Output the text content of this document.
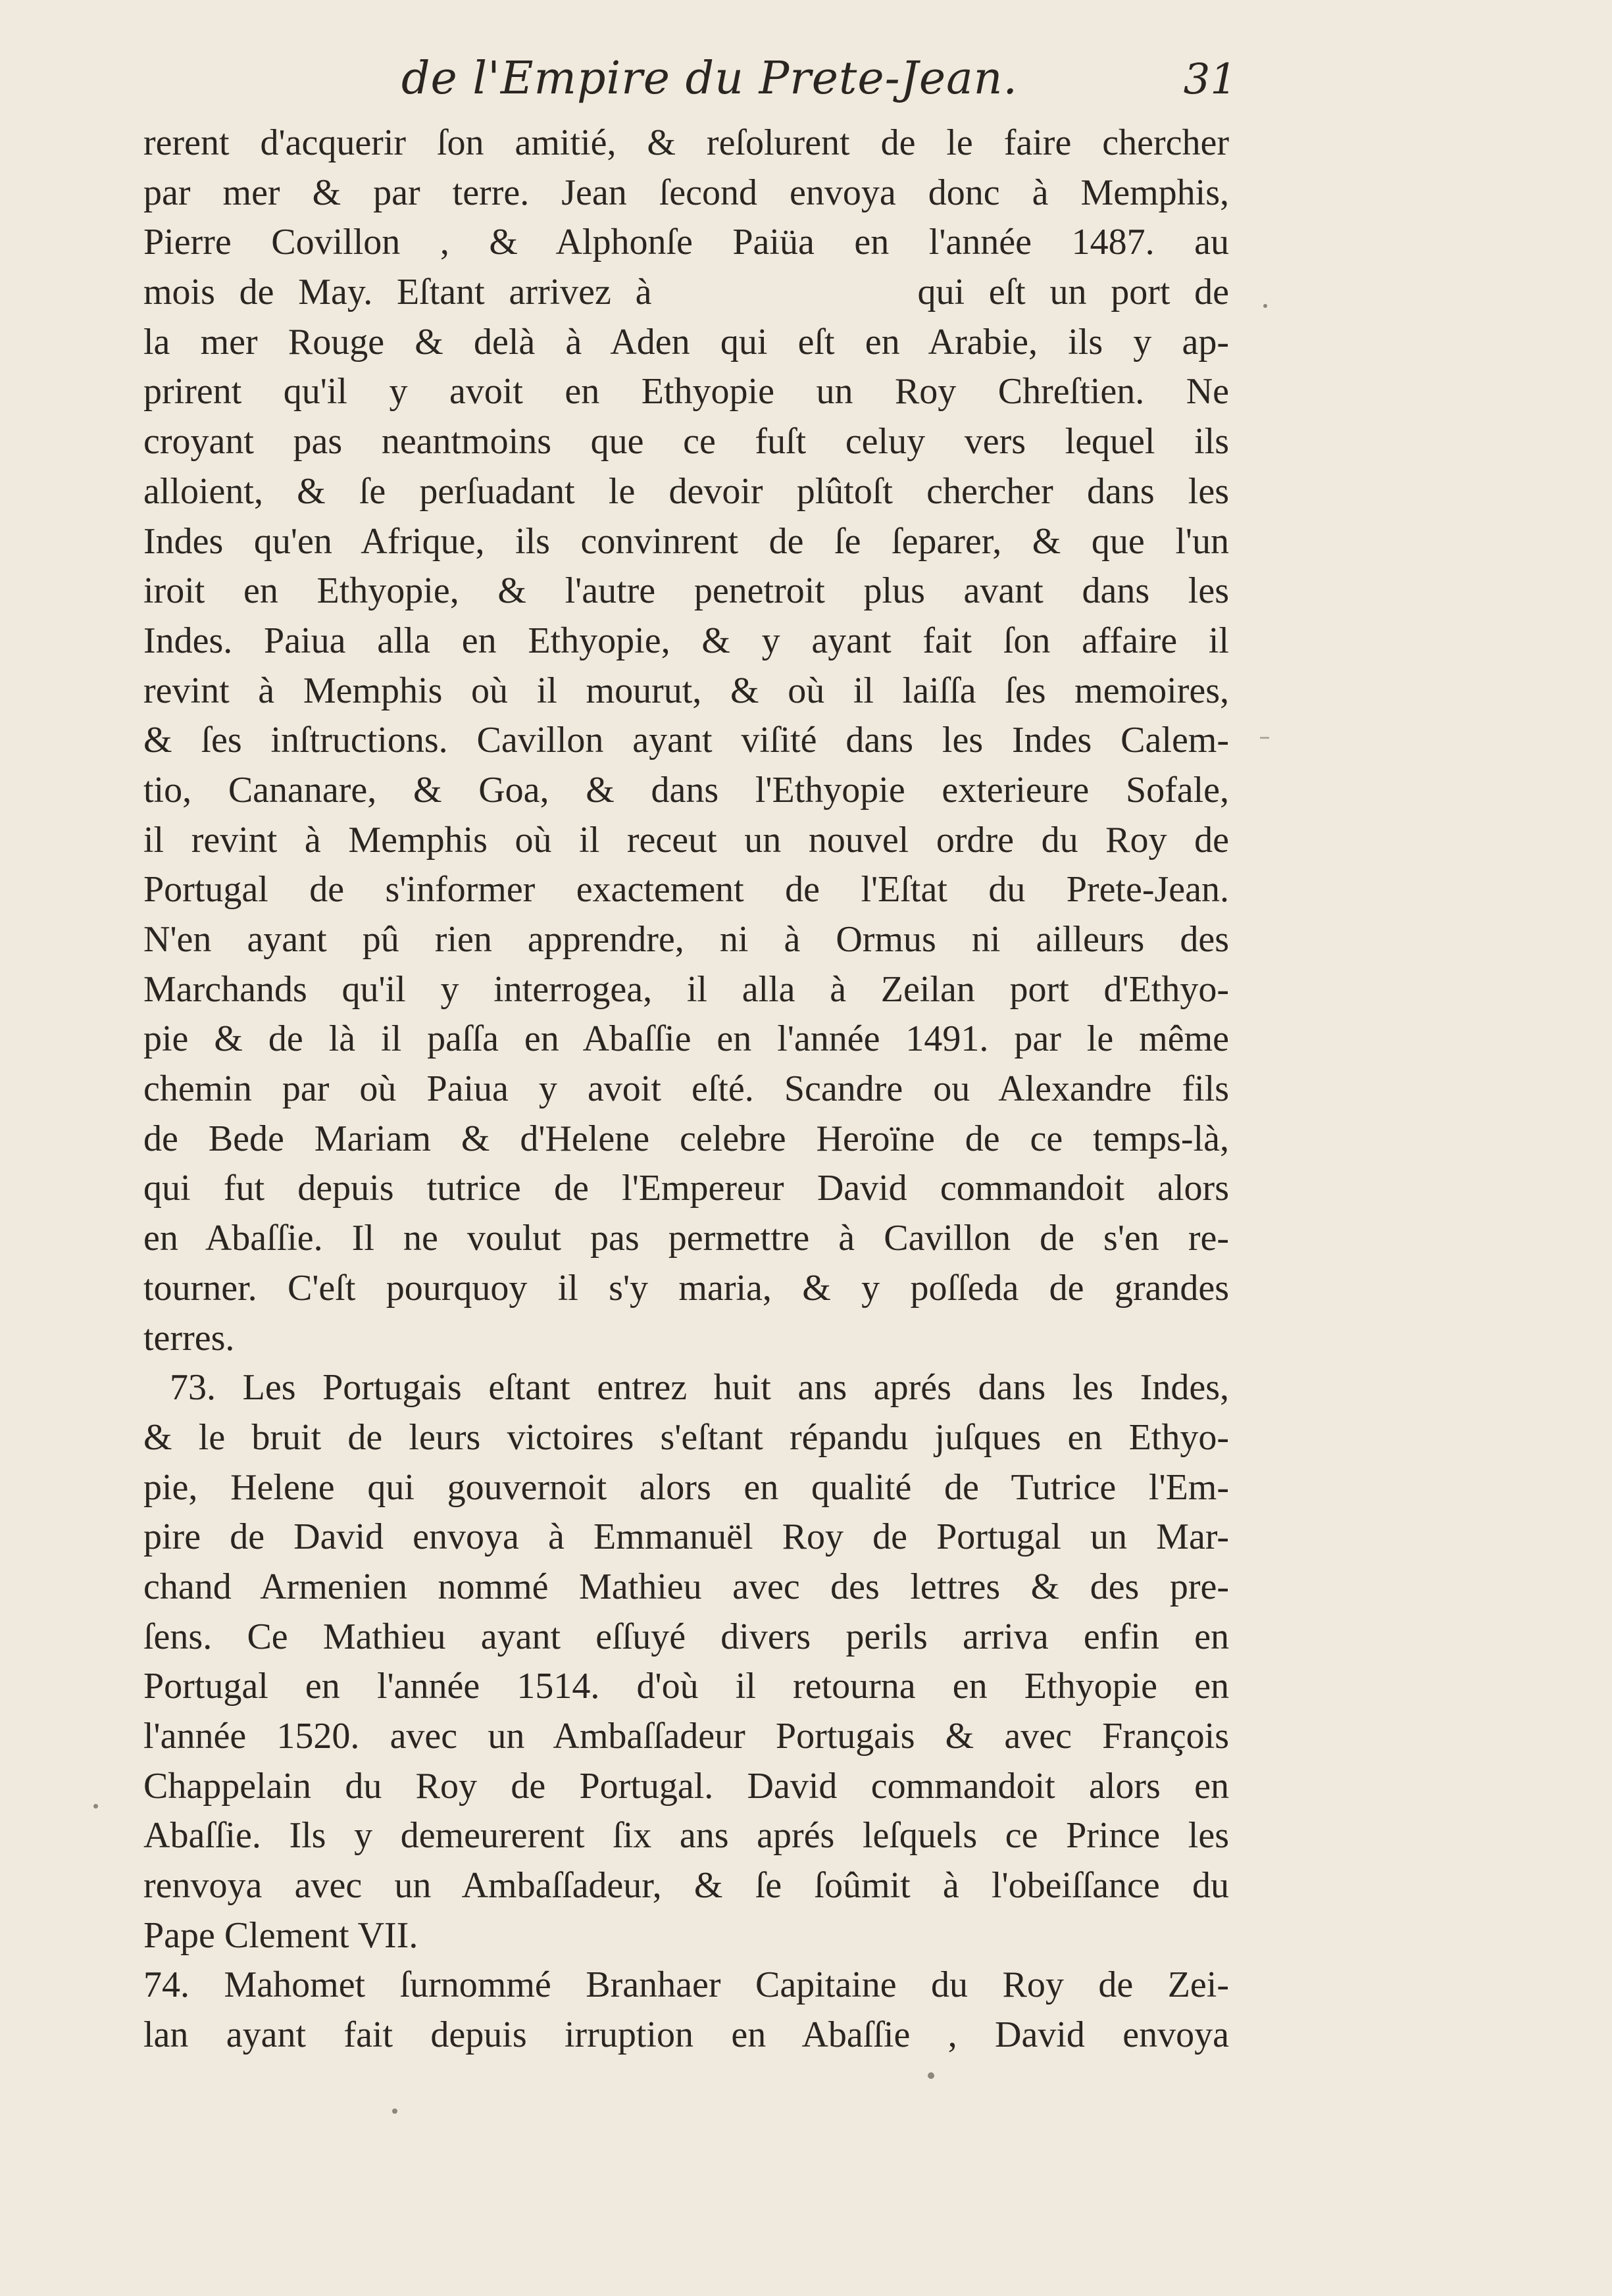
de l'Empire du Prete-Jean.	31
rerent d'acquerir ſon amitié, & reſolurent de le faire chercher
par mer & par terre. Jean ſecond envoya donc à Memphis,
Pierre Covillon , & Alphonſe Paiüa en l'année 1487. au
mois de May. Eſtant arrivez à           qui eſt un port de
la mer Rouge & delà à Aden qui eſt en Arabie, ils y ap-
prirent qu'il y avoit en Ethyopie un Roy Chreſtien. Ne
croyant pas neantmoins que ce fuſt celuy vers lequel ils
alloient, & ſe perſuadant le devoir plûtoſt chercher dans les
Indes qu'en Afrique, ils convinrent de ſe ſeparer, & que l'un
iroit en Ethyopie, & l'autre penetroit plus avant dans les
Indes. Paiua alla en Ethyopie, & y ayant fait ſon affaire il
revint à Memphis où il mourut, & où il laiſſa ſes memoires,
& ſes inſtructions. Cavillon ayant viſité dans les Indes Calem-
tio, Cananare, & Goa, & dans l'Ethyopie exterieure Sofale,
il revint à Memphis où il receut un nouvel ordre du Roy de
Portugal de s'informer exactement de l'Eſtat du Prete-Jean.
N'en ayant pû rien apprendre, ni à Ormus ni ailleurs des
Marchands qu'il y interrogea, il alla à Zeilan port d'Ethyo-
pie & de là il paſſa en Abaſſie en l'année 1491. par le même
chemin par où Paiua y avoit eſté. Scandre ou Alexandre fils
de Bede Mariam & d'Helene celebre Heroïne de ce temps-là,
qui fut depuis tutrice de l'Empereur David commandoit alors
en Abaſſie. Il ne voulut pas permettre à Cavillon de s'en re-
tourner. C'eſt pourquoy il s'y maria, & y poſſeda de grandes
terres.
73. Les Portugais eſtant entrez huit ans aprés dans les Indes,
& le bruit de leurs victoires s'eſtant répandu juſques en Ethyo-
pie, Helene qui gouvernoit alors en qualité de Tutrice l'Em-
pire de David envoya à Emmanuël Roy de Portugal un Mar-
chand Armenien nommé Mathieu avec des lettres & des pre-
ſens. Ce Mathieu ayant eſſuyé divers perils arriva enfin en
Portugal en l'année 1514. d'où il retourna en Ethyopie en
l'année 1520. avec un Ambaſſadeur Portugais & avec François
Chappelain du Roy de Portugal. David commandoit alors en
Abaſſie. Ils y demeurerent ſix ans aprés leſquels ce Prince les
renvoya avec un Ambaſſadeur, & ſe ſoûmit à l'obeiſſance du
Pape Clement VII.
74. Mahomet ſurnommé Branhaer Capitaine du Roy de Zei-
lan ayant fait depuis irruption en Abaſſie , David envoya
